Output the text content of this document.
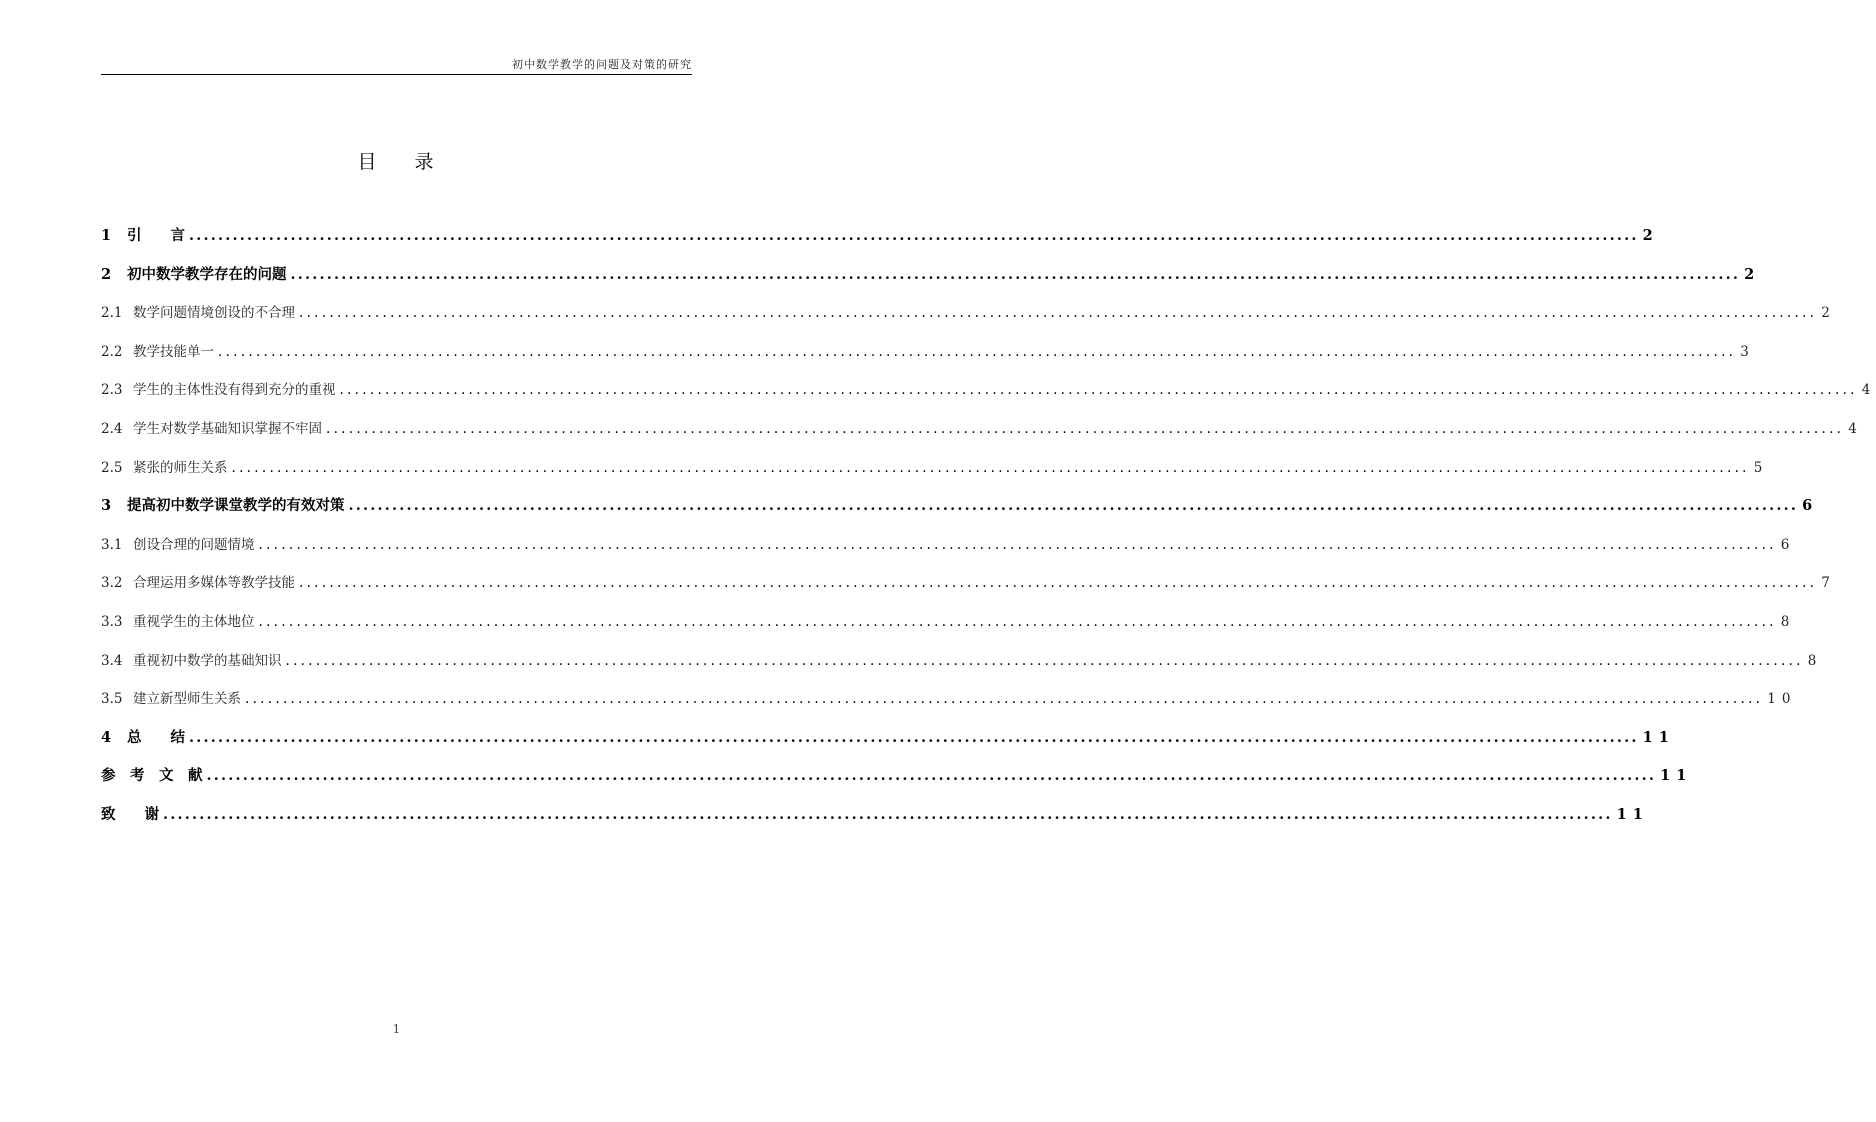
初中数学教学的问题及对策的研究
目 录
1	引　　言 ........................................................................................................................................................................................................ 2
2	初中数学教学存在的问题 ........................................................................................................................................................................................................ 2
2.1 数学问题情境创设的不合理 ........................................................................................................................................................................................................ 2
2.2 教学技能单一 ........................................................................................................................................................................................................ 3
2.3 学生的主体性没有得到充分的重视 ........................................................................................................................................................................................................ 4
2.4 学生对数学基础知识掌握不牢固 ........................................................................................................................................................................................................ 4
2.5 紧张的师生关系 ........................................................................................................................................................................................................ 5
3	提高初中数学课堂教学的有效对策 ........................................................................................................................................................................................................ 6
3.1 创设合理的问题情境 ........................................................................................................................................................................................................ 6
3.2 合理运用多媒体等教学技能 ........................................................................................................................................................................................................ 7
3.3 重视学生的主体地位 ........................................................................................................................................................................................................ 8
3.4 重视初中数学的基础知识 ........................................................................................................................................................................................................ 8
3.5 建立新型师生关系 ........................................................................................................................................................................................................ 10
4	总　　结 ........................................................................................................................................................................................................ 11
参　考　文　献 ........................................................................................................................................................................................................ 11
致　　谢 ........................................................................................................................................................................................................ 11
1
